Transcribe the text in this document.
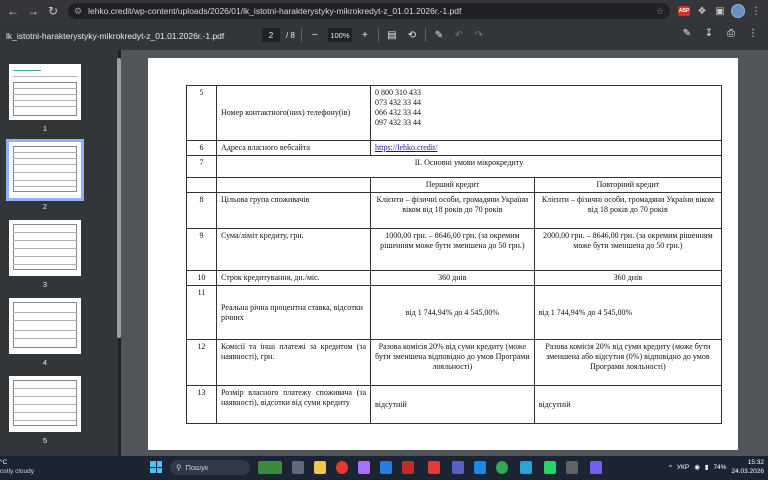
← → ↻	⚙ lehko.credit/wp-content/uploads/2026/01/lk_istotni-harakterystyky-mikrokredyt-z_01.01.2026r.-1.pdf	☆	ABP ❖ ▣	⋮
lk_istotni-harakterystyky-mikrokredyt-z_01.01.2026r.-1.pdf	2	/ 8	−	100%	+	▤ ⟲ ✎ ↶ ↷	✎ ↧	⎙	⋮
1
2
3
4
5
5	Номер контактного(них) телефону(ів)	0 800 310 433
073 432 33 44
066 432 33 44
097 432 33 44	

6	Адреса власного вебсайта	https://lehko.credit/	
7	II. Основні умови мікрокредиту		
		Перший кредит	Повторний кредит
8	Цільова група споживачів	Клієнти – фізичні особи, громадяни України віком від 18 років до 70 років	Клієнти – фізичні особи, громадяни України віком від 18 років до 70 років
9	Сума/ліміт кредиту, грн.	1000,00 грн. – 8646,00 грн. (за окремим рішенням може бути зменшена до 50 грн.)	2000,00 грн. – 8646,00 грн. (за окремим рішенням може бути зменшена до 50 грн.)
10	Строк кредитування, дн./міс.	360 днів	360 днів
11	Реальна річна процентна ставка, відсотки річних	від 1 744,94% до 4 545,00%	від 1 744,94% до 4 545,00%
12	Комісії та інші платежі за кредитом (за наявності), грн.	Разова комісія 20% від суми кредиту (може бути зменшена відповідно до умов Програми лояльності)	Разова комісія 20% від суми кредиту (може бути зменшена або відсутня (0%) відповідно до умов Програми лояльності)
13	Розмір власного платежу споживача (за наявності), відсотки від суми кредиту	відсутній	відсутній
°C
ostly cloudy	⚲ Пошук	^ УКР ◉ ▮ 74%
15:32
24.03.2026
